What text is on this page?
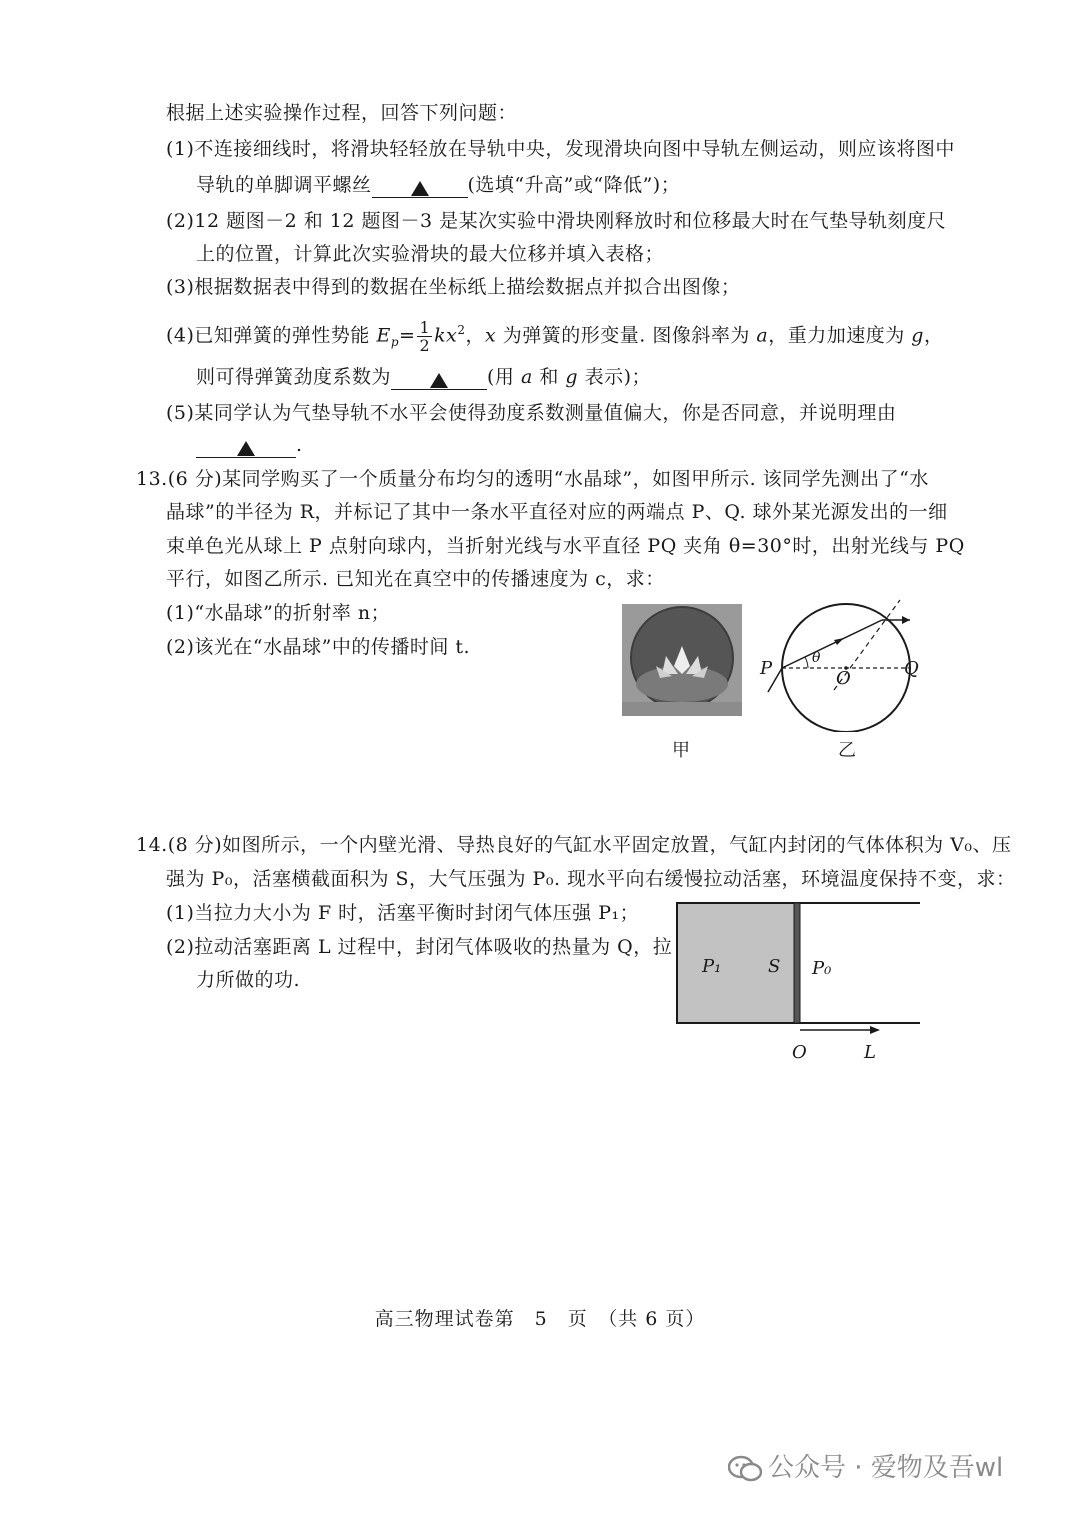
根据上述实验操作过程，回答下列问题：
(1)不连接细线时，将滑块轻轻放在导轨中央，发现滑块向图中导轨左侧运动，则应该将图中
导轨的单脚调平螺丝	(选填“升高”或“降低”)；
(2)12 题图－2 和 12 题图－3 是某次实验中滑块刚释放时和位移最大时在气垫导轨刻度尺
上的位置，计算此次实验滑块的最大位移并填入表格；
(3)根据数据表中得到的数据在坐标纸上描绘数据点并拟合出图像；
(4)已知弹簧的弹性势能 $E_p= \frac{1}{2} kx^2$，x 为弹簧的形变量. 图像斜率为 a，重力加速度为 g，
则可得弹簧劲度系数为	(用 a 和 g 表示)；
(5)某同学认为气垫导轨不水平会使得劲度系数测量值偏大，你是否同意，并说明理由
.
13.(6 分)某同学购买了一个质量分布均匀的透明“水晶球”，如图甲所示. 该同学先测出了“水
晶球”的半径为 R，并标记了其中一条水平直径对应的两端点 P、Q. 球外某光源发出的一细
束单色光从球上 P 点射向球内，当折射光线与水平直径 PQ 夹角 θ=30°时，出射光线与 PQ
平行，如图乙所示. 已知光在真空中的传播速度为 c，求：
(1)“水晶球”的折射率 n；
(2)该光在“水晶球”中的传播时间 t.
甲
P	θ
O	Q
乙
14.(8 分)如图所示，一个内壁光滑、导热良好的气缸水平固定放置，气缸内封闭的气体体积为 V₀、压
强为 P₀，活塞横截面积为 S，大气压强为 P₀. 现水平向右缓慢拉动活塞，环境温度保持不变，求：
(1)当拉力大小为 F 时，活塞平衡时封闭气体压强 P₁；
(2)拉动活塞距离 L 过程中，封闭气体吸收的热量为 Q，拉
力所做的功.
P₁	S P₀
O	L
高三物理试卷第　5　页　（共 6 页）
公众号 · 爱物及吾wl
